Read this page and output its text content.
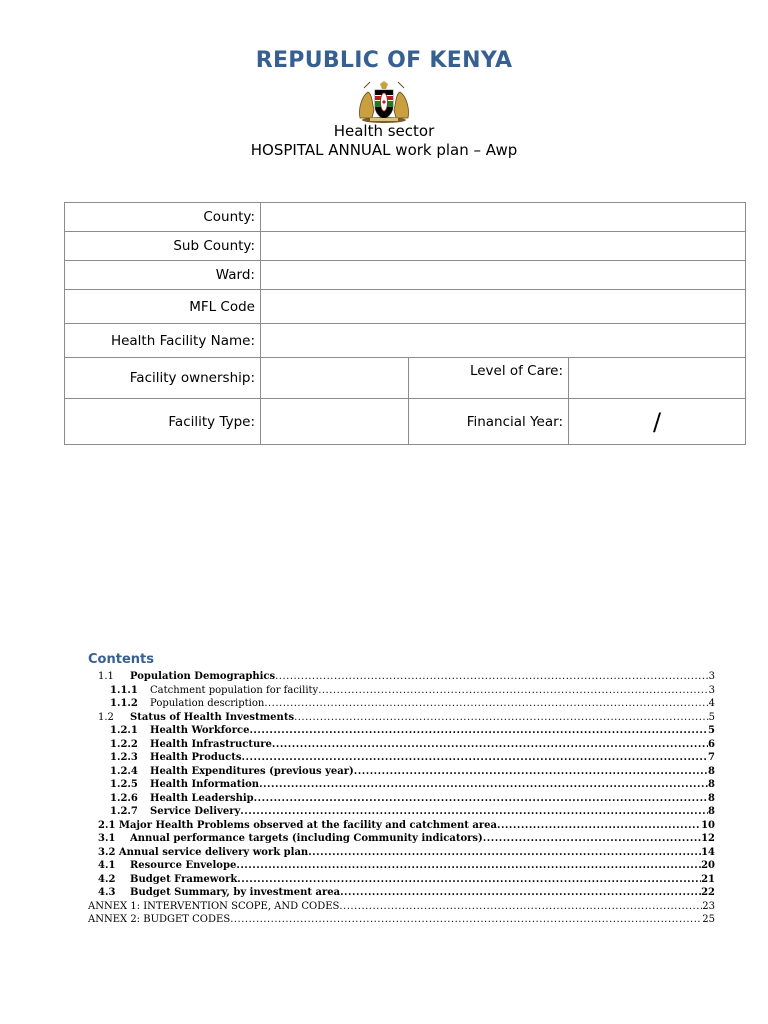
REPUBLIC OF KENYA
Health sector
HOSPITAL ANNUAL work plan – Awp
County:			
Sub County:			
Ward:			
MFL Code			
Health Facility Name:			
Facility ownership:		Level of Care:	
Facility Type:		Financial Year:	/
Contents
1.1	Population Demographics .....	3
1.1.1	Catchment population for facility .....	3
1.1.2	Population description .....	4
1.2	Status of Health Investments .....	5
1.2.1	Health Workforce .....	5
1.2.2	Health Infrastructure .....	6
1.2.3	Health Products .....	7
1.2.4	Health Expenditures (previous year) .....	8
1.2.5	Health Information .....	8
1.2.6	Health Leadership .....	8
1.2.7	Service Delivery .....	8
2.1 Major Health Problems observed at the facility and catchment area .....	10
3.1	Annual performance targets (including Community indicators) .....	12
3.2 Annual service delivery work plan .....	14
4.1	Resource Envelope .....	20
4.2	Budget Framework .....	21
4.3	Budget Summary, by investment area .....	22
ANNEX 1: INTERVENTION SCOPE, AND CODES .....	23
ANNEX 2: BUDGET CODES .....	25
